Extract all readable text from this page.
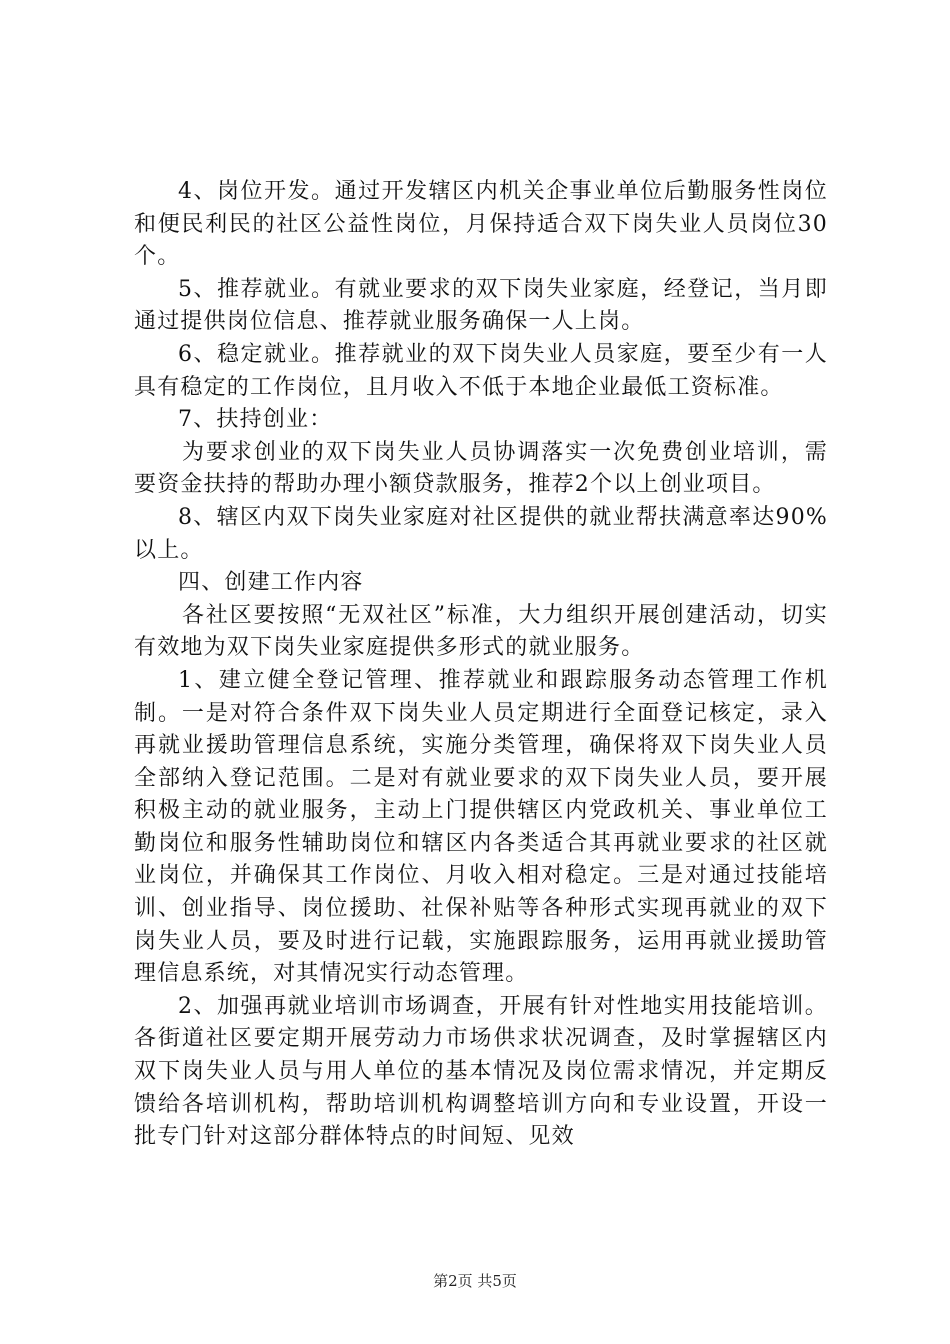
4、岗位开发。通过开发辖区内机关企事业单位后勤服务性岗位和便民利民的社区公益性岗位，月保持适合双下岗失业人员岗位30个。

5、推荐就业。有就业要求的双下岗失业家庭，经登记，当月即通过提供岗位信息、推荐就业服务确保一人上岗。

6、稳定就业。推荐就业的双下岗失业人员家庭，要至少有一人具有稳定的工作岗位，且月收入不低于本地企业最低工资标准。

7、扶持创业：

为要求创业的双下岗失业人员协调落实一次免费创业培训，需要资金扶持的帮助办理小额贷款服务，推荐2个以上创业项目。

8、辖区内双下岗失业家庭对社区提供的就业帮扶满意率达90%以上。

四、创建工作内容

各社区要按照“无双社区”标准，大力组织开展创建活动，切实有效地为双下岗失业家庭提供多形式的就业服务。

1、建立健全登记管理、推荐就业和跟踪服务动态管理工作机制。一是对符合条件双下岗失业人员定期进行全面登记核定，录入再就业援助管理信息系统，实施分类管理，确保将双下岗失业人员全部纳入登记范围。二是对有就业要求的双下岗失业人员，要开展积极主动的就业服务，主动上门提供辖区内党政机关、事业单位工勤岗位和服务性辅助岗位和辖区内各类适合其再就业要求的社区就业岗位，并确保其工作岗位、月收入相对稳定。三是对通过技能培训、创业指导、岗位援助、社保补贴等各种形式实现再就业的双下岗失业人员，要及时进行记载，实施跟踪服务，运用再就业援助管理信息系统，对其情况实行动态管理。

2、加强再就业培训市场调查，开展有针对性地实用技能培训。各街道社区要定期开展劳动力市场供求状况调查，及时掌握辖区内双下岗失业人员与用人单位的基本情况及岗位需求情况，并定期反馈给各培训机构，帮助培训机构调整培训方向和专业设置，开设一批专门针对这部分群体特点的时间短、见效

第2页 共5页
